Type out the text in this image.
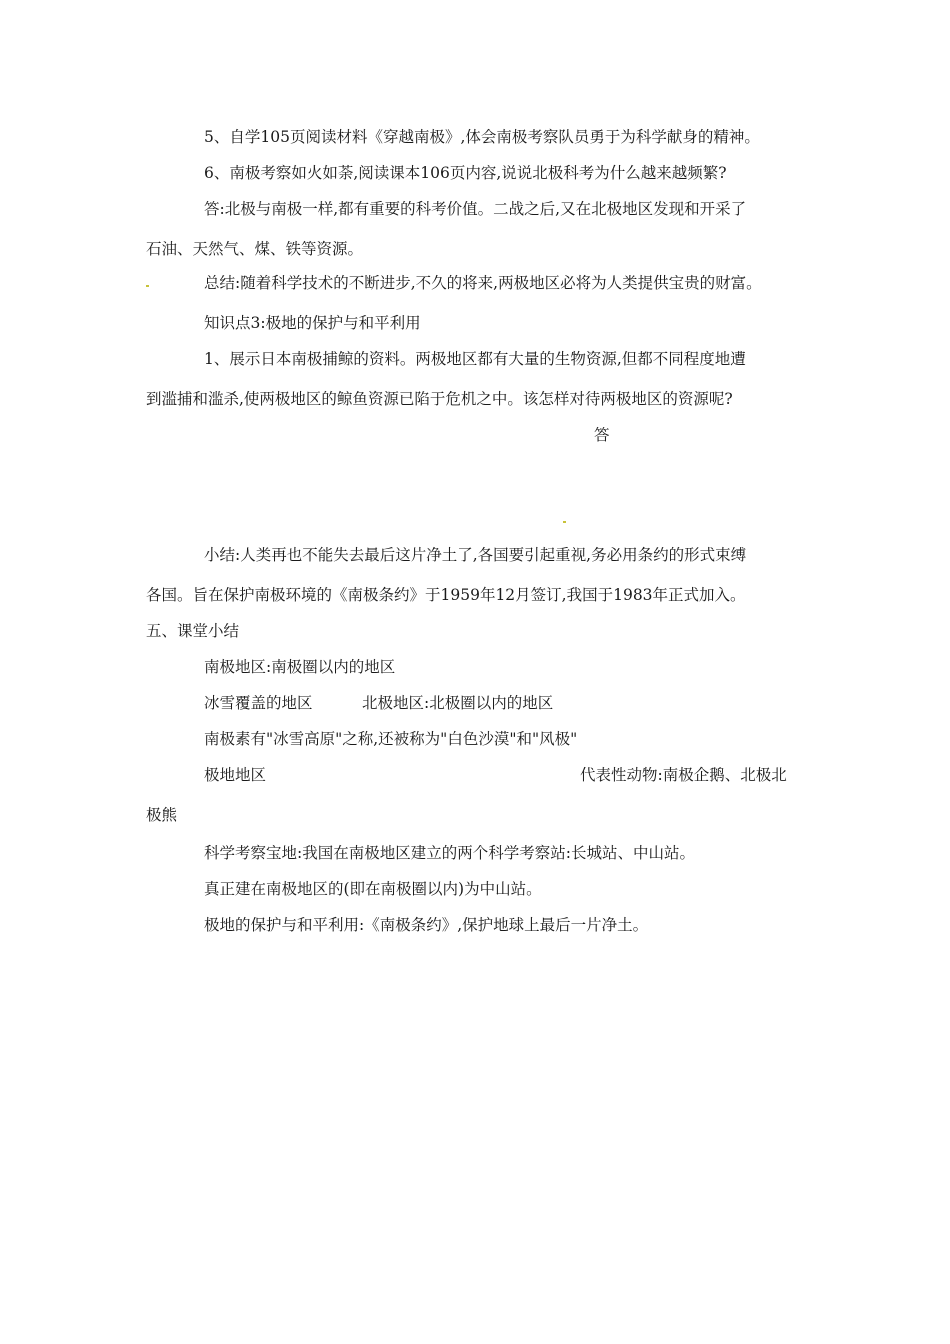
5、自学105页阅读材料《穿越南极》,体会南极考察队员勇于为科学献身的精神。
6、南极考察如火如荼,阅读课本106页内容,说说北极科考为什么越来越频繁?
答:北极与南极一样,都有重要的科考价值。二战之后,又在北极地区发现和开采了
石油、天然气、煤、铁等资源。
总结:随着科学技术的不断进步,不久的将来,两极地区必将为人类提供宝贵的财富。
知识点3:极地的保护与和平利用
1、展示日本南极捕鲸的资料。两极地区都有大量的生物资源,但都不同程度地遭
到滥捕和滥杀,使两极地区的鲸鱼资源已陷于危机之中。该怎样对待两极地区的资源呢?
答
小结:人类再也不能失去最后这片净土了,各国要引起重视,务必用条约的形式束缚
各国。旨在保护南极环境的《南极条约》于1959年12月签订,我国于1983年正式加入。
五、课堂小结
南极地区:南极圈以内的地区
冰雪覆盖的地区	北极地区:北极圈以内的地区
南极素有"冰雪高原"之称,还被称为"白色沙漠"和"风极"
极地地区	代表性动物:南极企鹅、北极北
极熊
科学考察宝地:我国在南极地区建立的两个科学考察站:长城站、中山站。
真正建在南极地区的(即在南极圈以内)为中山站。
极地的保护与和平利用:《南极条约》,保护地球上最后一片净土。
